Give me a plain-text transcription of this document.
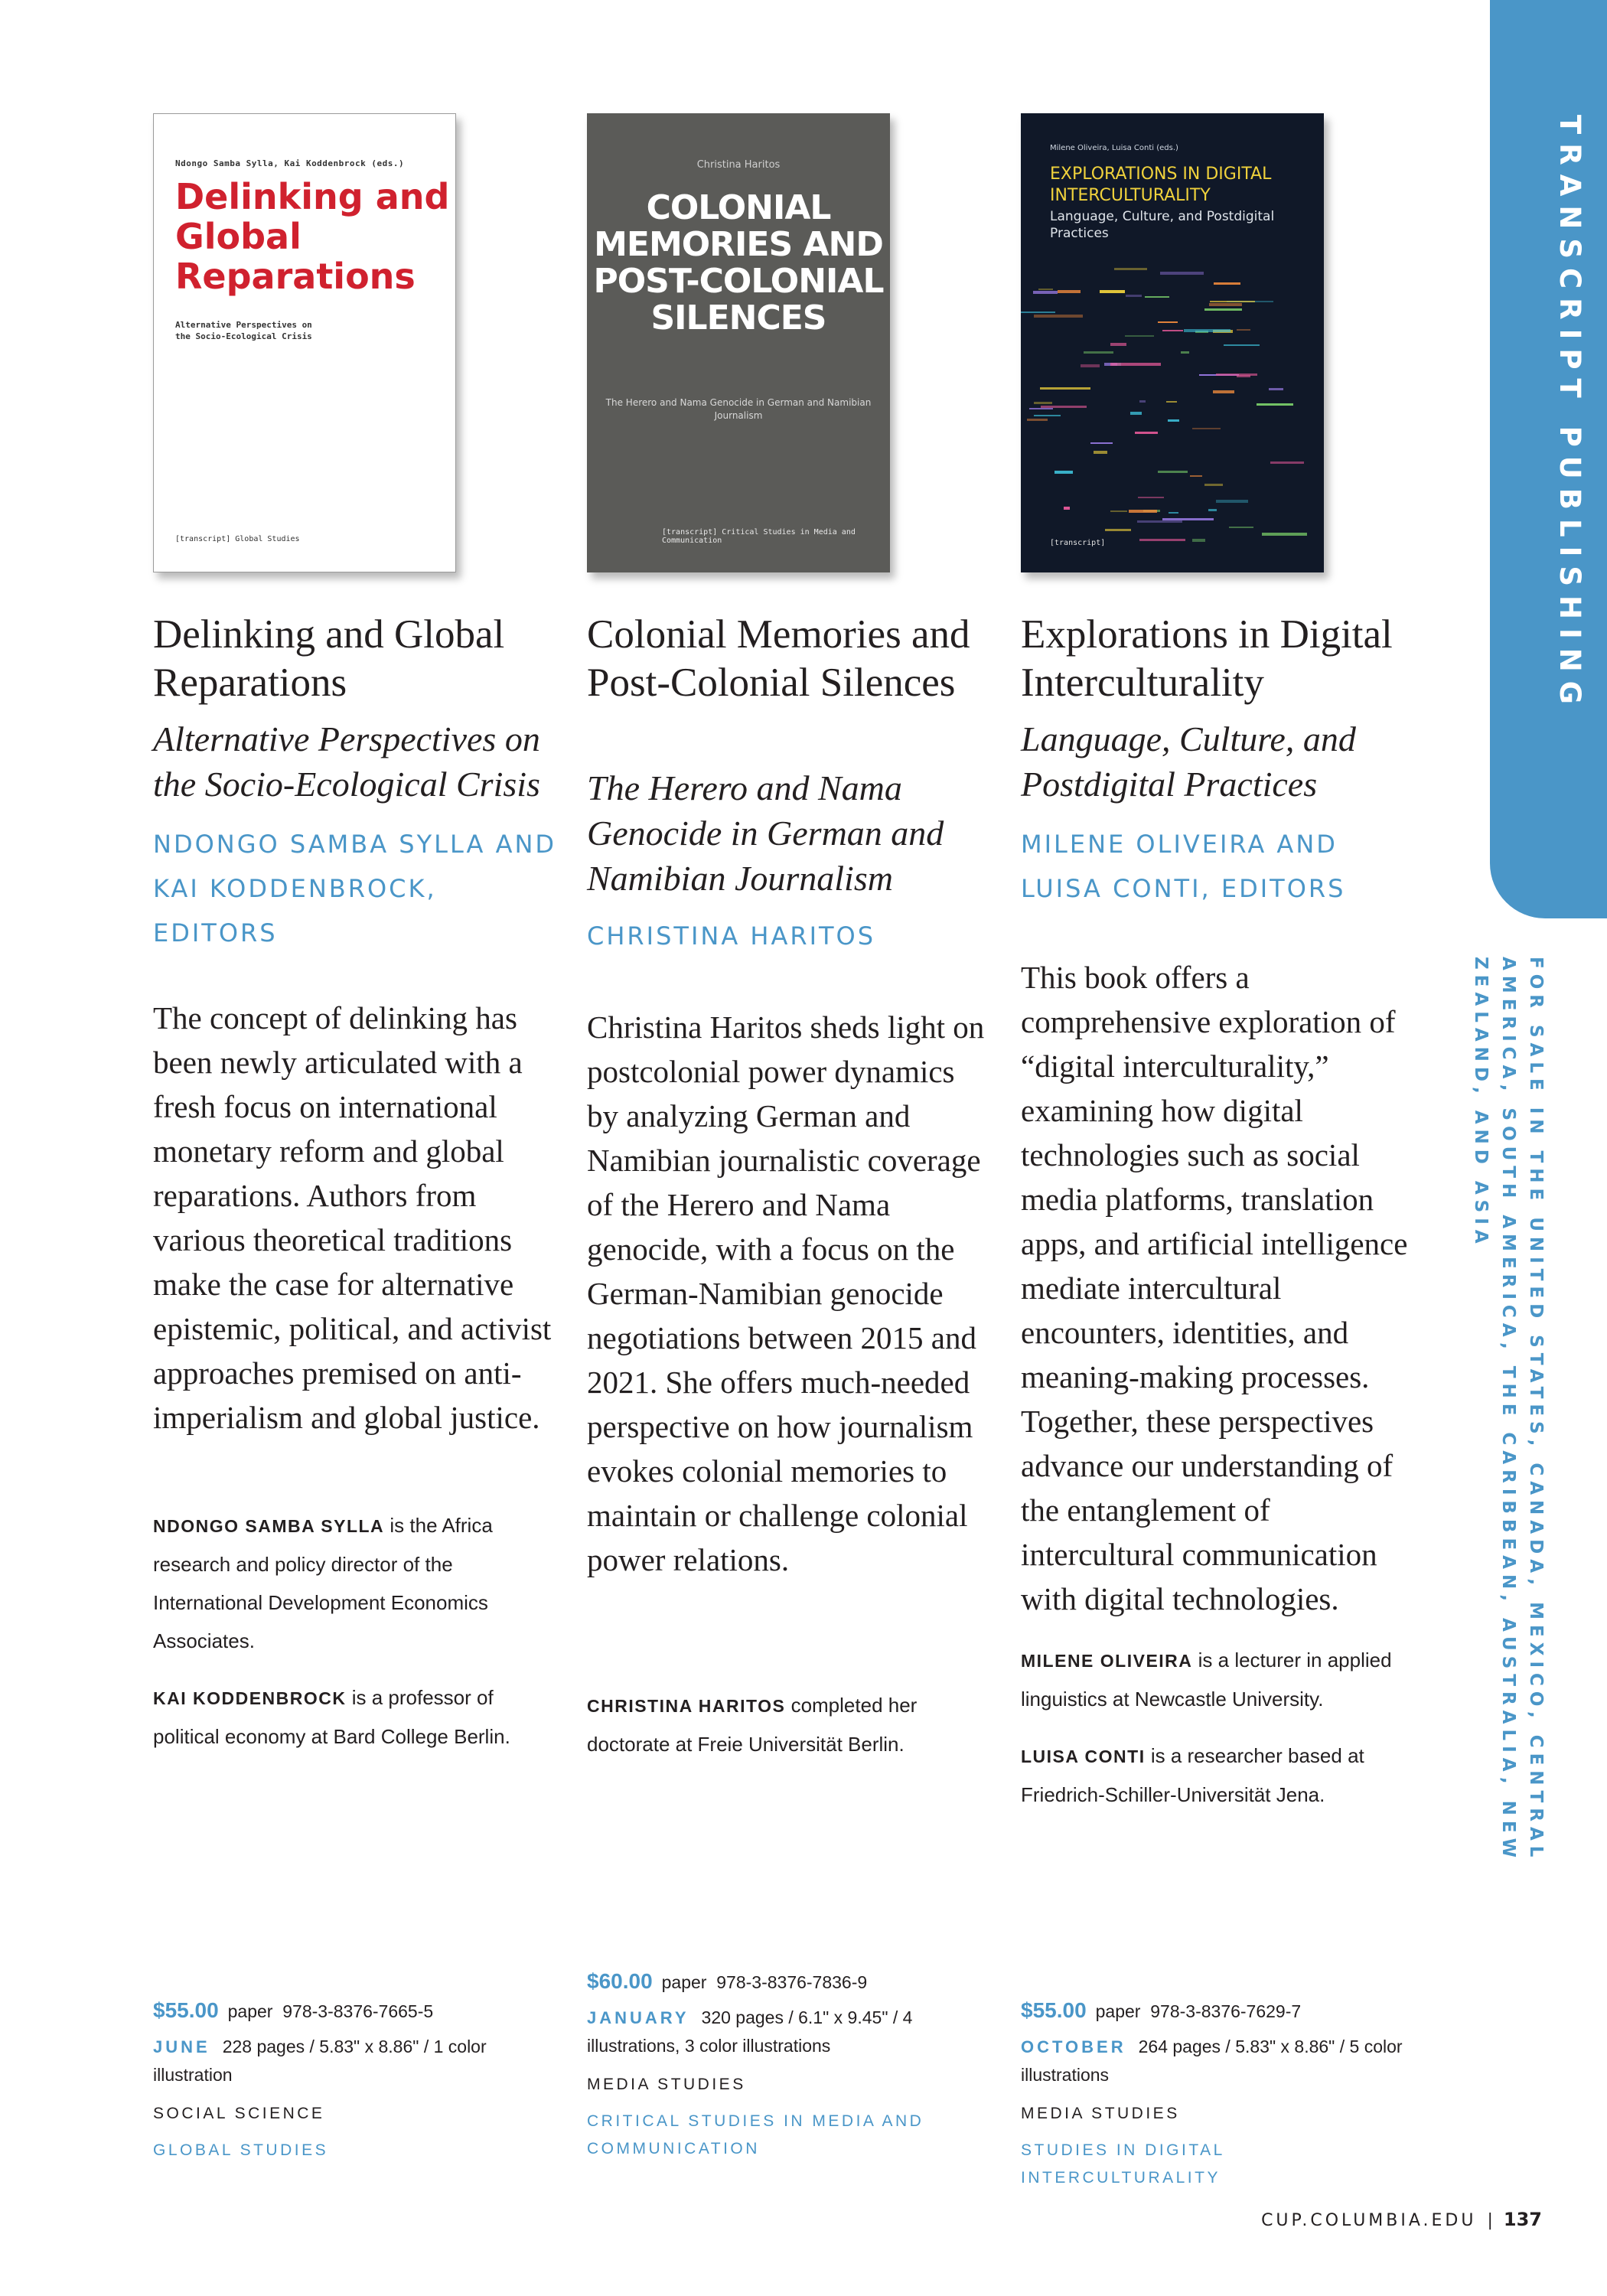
Ndongo Samba Sylla, Kai Koddenbrock (eds.)
Delinking and Global Reparations
Alternative Perspectives on the Socio-Ecological Crisis
[transcript] Global Studies
Delinking and Global Reparations
Alternative Perspectives on the Socio-Ecological Crisis
NDONGO SAMBA SYLLA AND KAI KODDENBROCK, EDITORS
The concept of delinking has been newly articulated with a fresh focus on international monetary reform and global reparations. Authors from various theoretical traditions make the case for alternative epistemic, political, and activist approaches premised on anti-imperialism and global justice.

NDONGO SAMBA SYLLA is the Africa research and policy director of the International Development Economics Associates.

KAI KODDENBROCK is a professor of political economy at Bard College Berlin.

$55.00 paper 978-3-8376-7665-5
JUNE 228 pages / 5.83" x 8.86" / 1 color illustration
SOCIAL SCIENCE
GLOBAL STUDIES
Christina Haritos
COLONIAL MEMORIES AND POST-COLONIAL SILENCES
The Herero and Nama Genocide in German and Namibian Journalism
[transcript] Critical Studies in Media and Communication
Colonial Memories and Post-Colonial Silences
The Herero and Nama Genocide in German and Namibian Journalism
CHRISTINA HARITOS
Christina Haritos sheds light on postcolonial power dynamics by analyzing German and Namibian journalistic coverage of the Herero and Nama genocide, with a focus on the German-Namibian genocide negotiations between 2015 and 2021. She offers much-needed perspective on how journalism evokes colonial memories to maintain or challenge colonial power relations.

CHRISTINA HARITOS completed her doctorate at Freie Universität Berlin.

$60.00 paper 978-3-8376-7836-9
JANUARY 320 pages / 6.1" x 9.45" / 4 illustrations, 3 color illustrations
MEDIA STUDIES
CRITICAL STUDIES IN MEDIA AND COMMUNICATION
Milene Oliveira, Luisa Conti (eds.)
EXPLORATIONS IN DIGITAL INTERCULTURALITY
Language, Culture, and Postdigital Practices
[transcript]
Explorations in Digital Interculturality
Language, Culture, and Postdigital Practices
MILENE OLIVEIRA AND LUISA CONTI, EDITORS
This book offers a comprehensive exploration of “digital interculturality,” examining how digital technologies such as social media platforms, translation apps, and artificial intelligence mediate intercultural encounters, identities, and meaning-making processes. Together, these perspectives advance our understanding of the entanglement of intercultural communication with digital technologies.

MILENE OLIVEIRA is a lecturer in applied linguistics at Newcastle University.

LUISA CONTI is a researcher based at Friedrich-Schiller-Universität Jena.

$55.00 paper 978-3-8376-7629-7
OCTOBER 264 pages / 5.83" x 8.86" / 5 color illustrations
MEDIA STUDIES
STUDIES IN DIGITAL INTERCULTURALITY
TRANSCRIPT PUBLISHING
FOR SALE IN THE UNITED STATES, CANADA, MEXICO, CENTRAL AMERICA, SOUTH AMERICA, THE CARIBBEAN, AUSTRALIA, NEW ZEALAND, AND ASIA
CUP.COLUMBIA.EDU | 137
